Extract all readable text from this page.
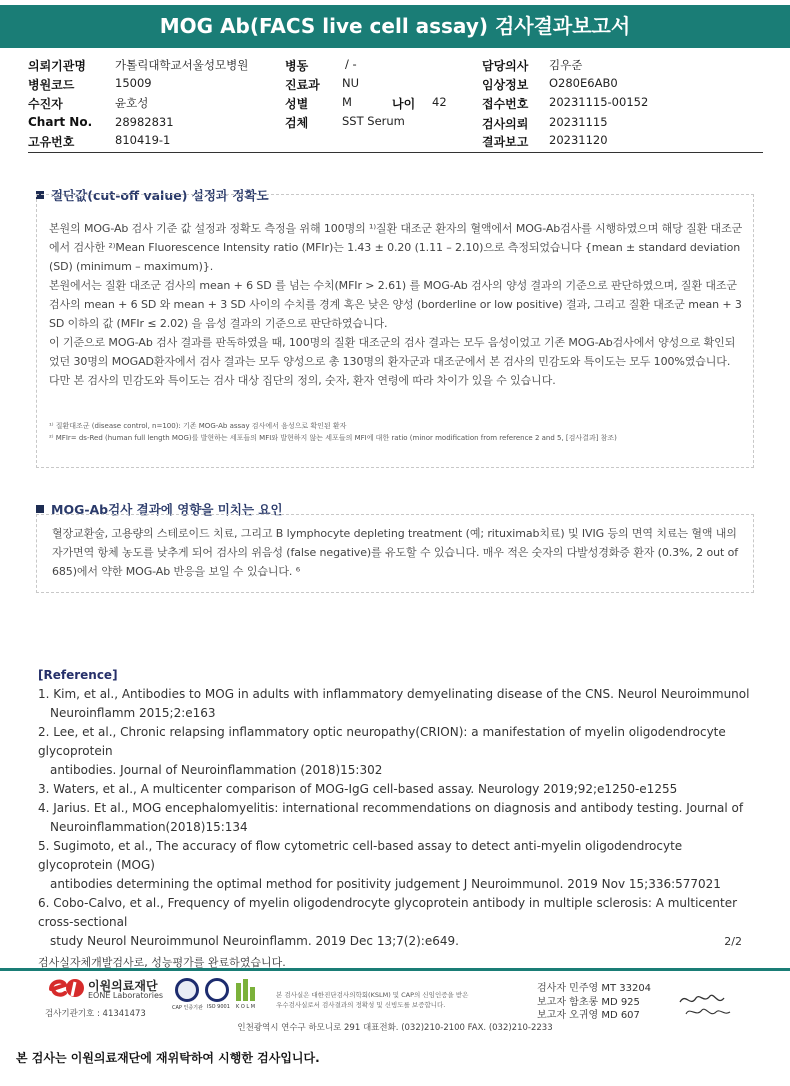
MOG Ab(FACS live cell assay) 검사결과보고서
의뢰기관명	가톨릭대학교서울성모병원
병원코드	15009
수진자	윤호성
Chart No. 28982831
고유번호	810419-1
병동	/ -
진료과 NU
성별	M	나이 42
검체	SST Serum
담당의사 김우준
임상정보 O280E6AB0
접수번호 20231115-00152
검사의뢰 20231115
결과보고 20231120
절단값(cut-off value) 설정과 정확도

본원의 MOG-Ab 검사 기준 값 설정과 정확도 측정을 위해 100명의 ¹⁾질환 대조군 환자의 혈액에서 MOG-Ab검사를 시행하였으며 해당 질환 대조군에서 검사한 ²⁾Mean Fluorescence Intensity ratio (MFIr)는 1.43 ± 0.20 (1.11 – 2.10)으로 측정되었습니다 {mean ± standard deviation (SD) (minimum – maximum)}.

본원에서는 질환 대조군 검사의 mean + 6 SD 를 넘는 수치(MFIr > 2.61) 를 MOG-Ab 검사의 양성 결과의 기준으로 판단하였으며, 질환 대조군 검사의 mean + 6 SD 와 mean + 3 SD 사이의 수치를 경계 혹은 낮은 양성 (borderline or low positive) 결과, 그리고 질환 대조군 mean + 3 SD 이하의 값 (MFIr ≤ 2.02) 을 음성 결과의 기준으로 판단하였습니다.

이 기준으로 MOG-Ab 검사 결과를 판독하였을 때, 100명의 질환 대조군의 검사 결과는 모두 음성이었고 기존 MOG-Ab검사에서 양성으로 확인되었던 30명의 MOGAD환자에서 검사 결과는 모두 양성으로 총 130명의 환자군과 대조군에서 본 검사의 민감도와 특이도는 모두 100%였습니다. 다만 본 검사의 민감도와 특이도는 검사 대상 집단의 정의, 숫자, 환자 연령에 따라 차이가 있을 수 있습니다.

¹⁾ 질환대조군 (disease control, n=100): 기존 MOG-Ab assay 검사에서 음성으로 확인된 환자
²⁾ MFIr= ds-Red (human full length MOG)를 발현하는 세포들의 MFI와 발현하지 않는 세포들의 MFI에 대한 ratio (minor modification from reference 2 and 5, [검사결과] 참조)
MOG-Ab검사 결과에 영향을 미치는 요인
혈장교환술, 고용량의 스테로이드 치료, 그리고 B lymphocyte depleting treatment (예; rituximab치료) 및 IVIG 등의 면역 치료는 혈액 내의 자가면역 항체 농도를 낮추게 되어 검사의 위음성 (false negative)를 유도할 수 있습니다. 매우 적은 숫자의 다발성경화증 환자 (0.3%, 2 out of 685)에서 약한 MOG-Ab 반응을 보일 수 있습니다. ⁶
[Reference]
1. Kim, et al., Antibodies to MOG in adults with inflammatory demyelinating disease of the CNS. Neurol Neuroimmunol
Neuroinflamm 2015;2:e163
2. Lee, et al., Chronic relapsing inflammatory optic neuropathy(CRION): a manifestation of myelin oligodendrocyte glycoprotein
antibodies. Journal of Neuroinflammation (2018)15:302
3. Waters, et al., A multicenter comparison of MOG-IgG cell-based assay. Neurology 2019;92;e1250-e1255
4. Jarius. Et al., MOG encephalomyelitis: international recommendations on diagnosis and antibody testing. Journal of
Neuroinflammation(2018)15:134
5. Sugimoto, et al., The accuracy of flow cytometric cell-based assay to detect anti-myelin oligodendrocyte glycoprotein (MOG)
antibodies determining the optimal method for positivity judgement J Neuroimmunol. 2019 Nov 15;336:577021
6. Cobo-Calvo, et al., Frequency of myelin oligodendrocyte glycoprotein antibody in multiple sclerosis: A multicenter
cross-sectional
study Neurol Neuroimmunol Neuroinflamm. 2019 Dec 13;7(2):e649.
검사실자체개발검사로, 성능평가를 완료하였습니다.
2/2
이원의료재단
EONE Laboratories
검사기관기호 : 41341473
CAP 인증기관 ISO 9001 K O L M
본 검사실은 대한진단검사의학회(KSLM) 및 CAP의 신임인증을 받은
우수검사실로서 검사결과의 정확성 및 신빙도를 보증합니다.
검사자 민주영 MT 33204
보고자 함초롱 MD 925
보고자 오귀영 MD 607
인천광역시 연수구 하모니로 291 대표전화. (032)210-2100 FAX. (032)210-2233
본 검사는 이원의료재단에 재위탁하여 시행한 검사입니다.
